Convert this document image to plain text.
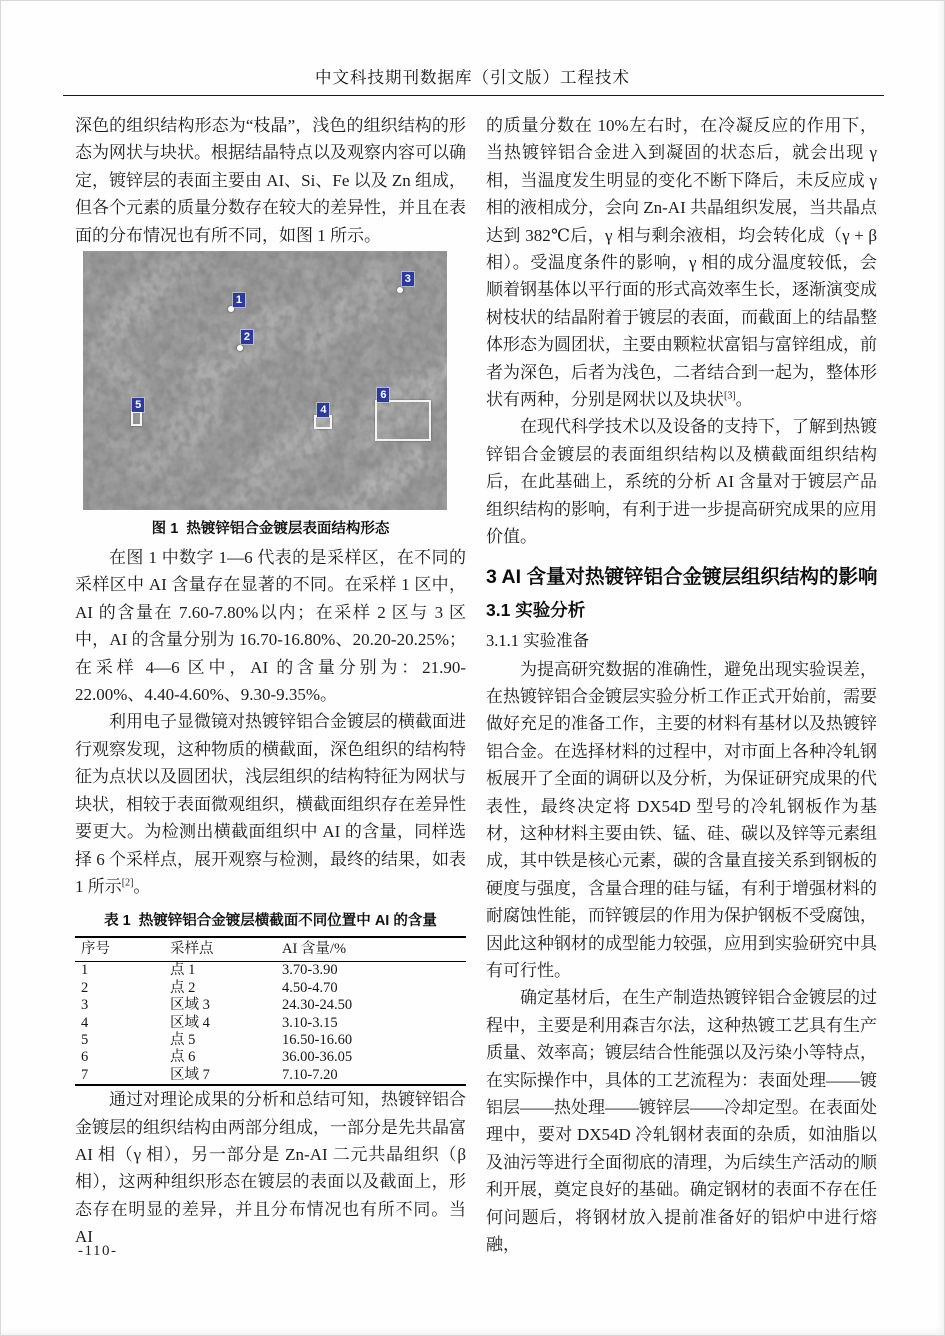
中文科技期刊数据库（引文版）工程技术

深色的组织结构形态为“枝晶”，浅色的组织结构的形态为网状与块状。根据结晶特点以及观察内容可以确定，镀锌层的表面主要由 AI、Si、Fe 以及 Zn 组成，但各个元素的质量分数存在较大的差异性，并且在表面的分布情况也有所不同，如图 1 所示。

1
2
3
4
5
6

图 1 热镀锌铝合金镀层表面结构形态

在图 1 中数字 1—6 代表的是采样区，在不同的采样区中 AI 含量存在显著的不同。在采样 1 区中，AI 的含量在 7.60-7.80%以内；在采样 2 区与 3 区中，AI 的含量分别为 16.70-16.80%、20.20-20.25%；在采样 4—6 区中，AI 的含量分别为：21.90-22.00%、4.40-4.60%、9.30-9.35%。

利用电子显微镜对热镀锌铝合金镀层的横截面进行观察发现，这种物质的横截面，深色组织的结构特征为点状以及圆团状，浅层组织的结构特征为网状与块状，相较于表面微观组织，横截面组织存在差异性要更大。为检测出横截面组织中 AI 的含量，同样选择 6 个采样点，展开观察与检测，最终的结果，如表 1 所示[2]。

表 1 热镀锌铝合金镀层横截面不同位置中 AI 的含量

序号	采样点	AI 含量/%
1	点 1	3.70-3.90
2	点 2	4.50-4.70
3	区域 3	24.30-24.50
4	区域 4	3.10-3.15
5	点 5	16.50-16.60
6	点 6	36.00-36.05
7	区域 7	7.10-7.20

通过对理论成果的分析和总结可知，热镀锌铝合金镀层的组织结构由两部分组成，一部分是先共晶富 AI 相（γ 相），另一部分是 Zn-AI 二元共晶组织（β 相），这两种组织形态在镀层的表面以及截面上，形态存在明显的差异，并且分布情况也有所不同。当 AI

的质量分数在 10%左右时，在冷凝反应的作用下，当热镀锌铝合金进入到凝固的状态后，就会出现 γ 相，当温度发生明显的变化不断下降后，未反应成 γ 相的液相成分，会向 Zn-AI 共晶组织发展，当共晶点达到 382℃后，γ 相与剩余液相，均会转化成（γ + β 相）。受温度条件的影响，γ 相的成分温度较低，会顺着钢基体以平行面的形式高效率生长，逐渐演变成树枝状的结晶附着于镀层的表面，而截面上的结晶整体形态为圆团状，主要由颗粒状富铝与富锌组成，前者为深色，后者为浅色，二者结合到一起为，整体形状有两种，分别是网状以及块状[3]。

在现代科学技术以及设备的支持下，了解到热镀锌铝合金镀层的表面组织结构以及横截面组织结构后，在此基础上，系统的分析 AI 含量对于镀层产品组织结构的影响，有利于进一步提高研究成果的应用价值。

3 AI 含量对热镀锌铝合金镀层组织结构的影响
3.1 实验分析
3.1.1 实验准备

为提高研究数据的准确性，避免出现实验误差，在热镀锌铝合金镀层实验分析工作正式开始前，需要做好充足的准备工作，主要的材料有基材以及热镀锌铝合金。在选择材料的过程中，对市面上各种冷轧钢板展开了全面的调研以及分析，为保证研究成果的代表性，最终决定将 DX54D 型号的冷轧钢板作为基材，这种材料主要由铁、锰、硅、碳以及锌等元素组成，其中铁是核心元素，碳的含量直接关系到钢板的硬度与强度，含量合理的硅与锰，有利于增强材料的耐腐蚀性能，而锌镀层的作用为保护钢板不受腐蚀，因此这种钢材的成型能力较强，应用到实验研究中具有可行性。

确定基材后，在生产制造热镀锌铝合金镀层的过程中，主要是利用森吉尔法，这种热镀工艺具有生产质量、效率高；镀层结合性能强以及污染小等特点，在实际操作中，具体的工艺流程为：表面处理——镀铝层——热处理——镀锌层——冷却定型。在表面处理中，要对 DX54D 冷轧钢材表面的杂质，如油脂以及油污等进行全面彻底的清理，为后续生产活动的顺利开展，奠定良好的基础。确定钢材的表面不存在任何问题后，将钢材放入提前准备好的铝炉中进行熔融，

-110-
